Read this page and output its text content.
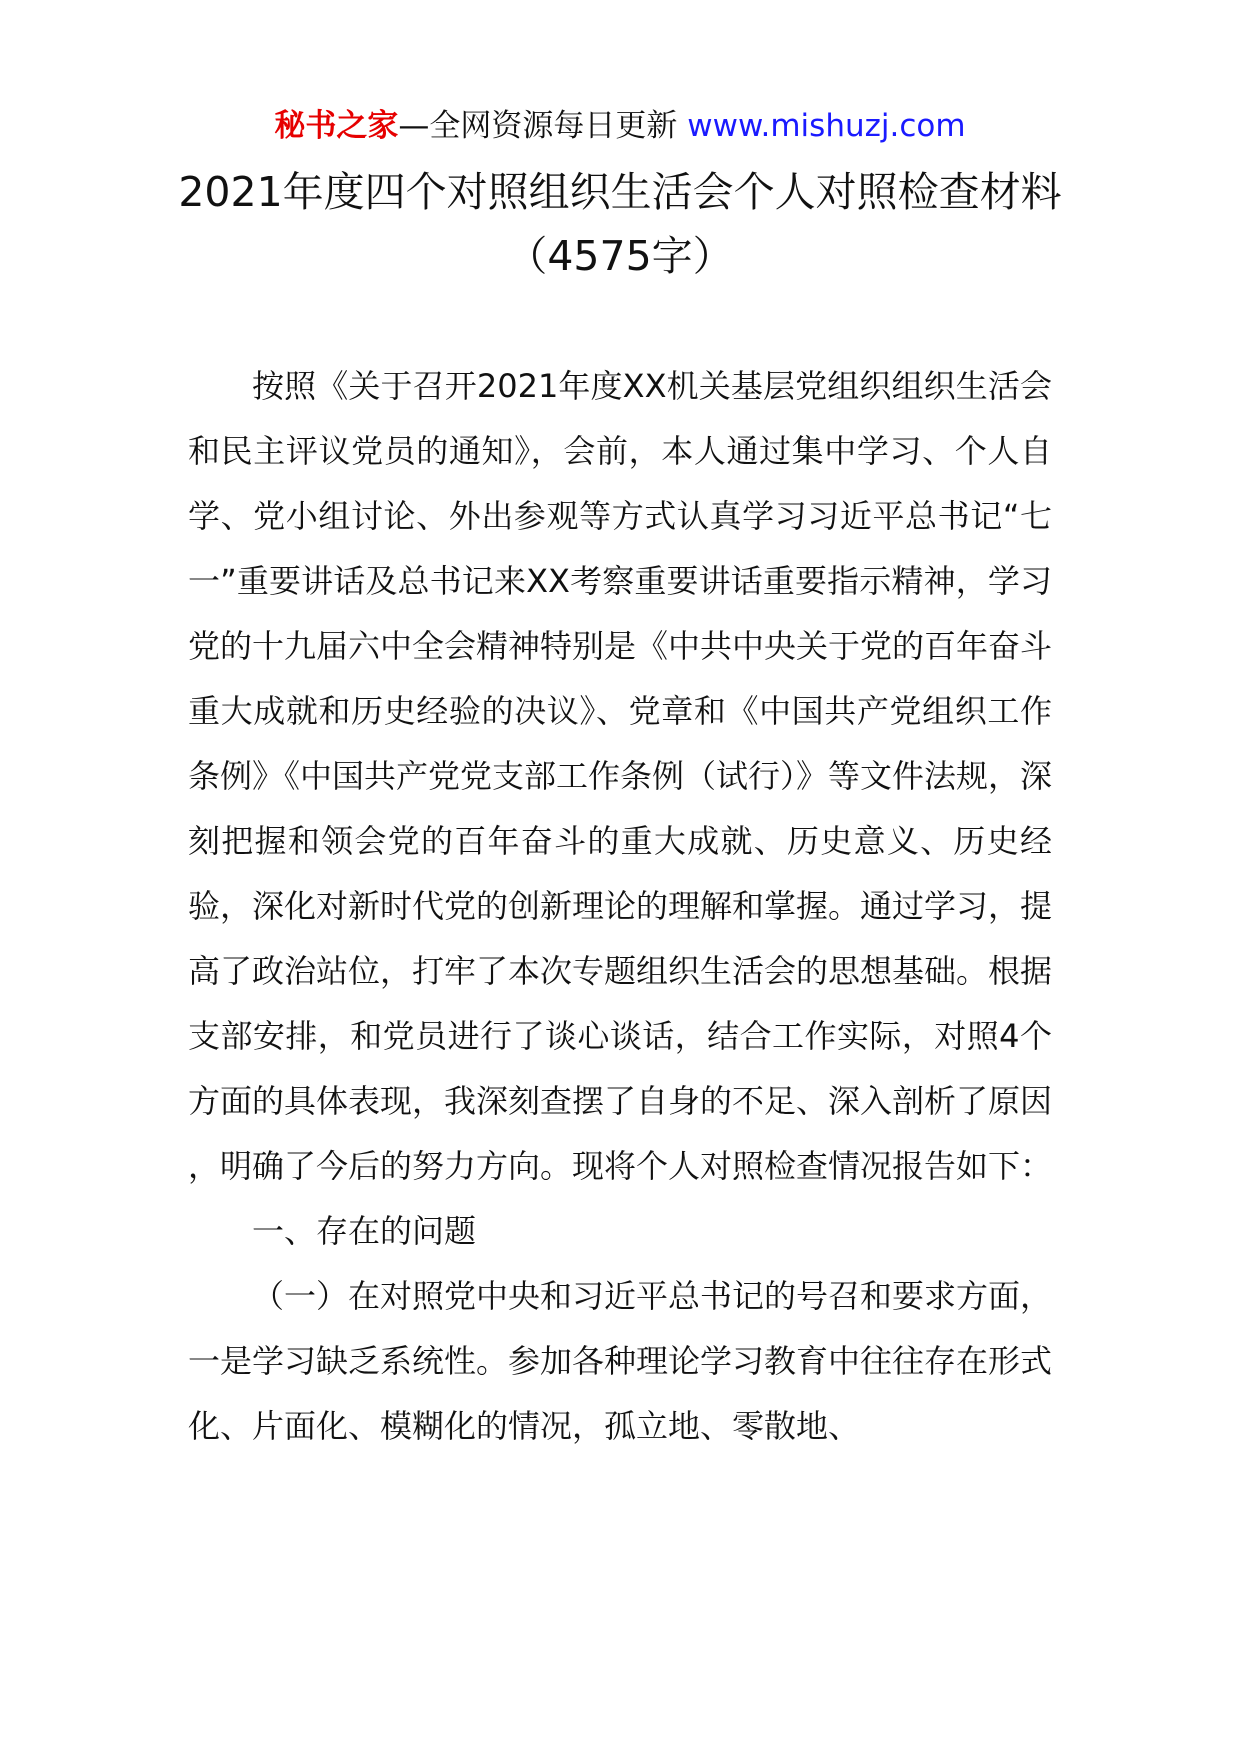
秘书之家—全网资源每日更新 www.mishuzj.com
2021年度四个对照组织生活会个人对照检查材料（4575字）

按照《关于召开2021年度XX机关基层党组织组织生活会和民主评议党员的通知》，会前，本人通过集中学习、个人自学、党小组讨论、外出参观等方式认真学习习近平总书记“七一”重要讲话及总书记来XX考察重要讲话重要指示精神，学习党的十九届六中全会精神特别是《中共中央关于党的百年奋斗重大成就和历史经验的决议》、党章和《中国共产党组织工作条例》《中国共产党党支部工作条例（试行）》等文件法规，深刻把握和领会党的百年奋斗的重大成就、历史意义、历史经验，深化对新时代党的创新理论的理解和掌握。通过学习，提高了政治站位，打牢了本次专题组织生活会的思想基础。根据支部安排，和党员进行了谈心谈话，结合工作实际，对照4个方面的具体表现，我深刻查摆了自身的不足、深入剖析了原因 ，明确了今后的努力方向。现将个人对照检查情况报告如下：

一、存在的问题

（一）在对照党中央和习近平总书记的号召和要求方面，一是学习缺乏系统性。参加各种理论学习教育中往往存在形式化、片面化、模糊化的情况，孤立地、零散地、
